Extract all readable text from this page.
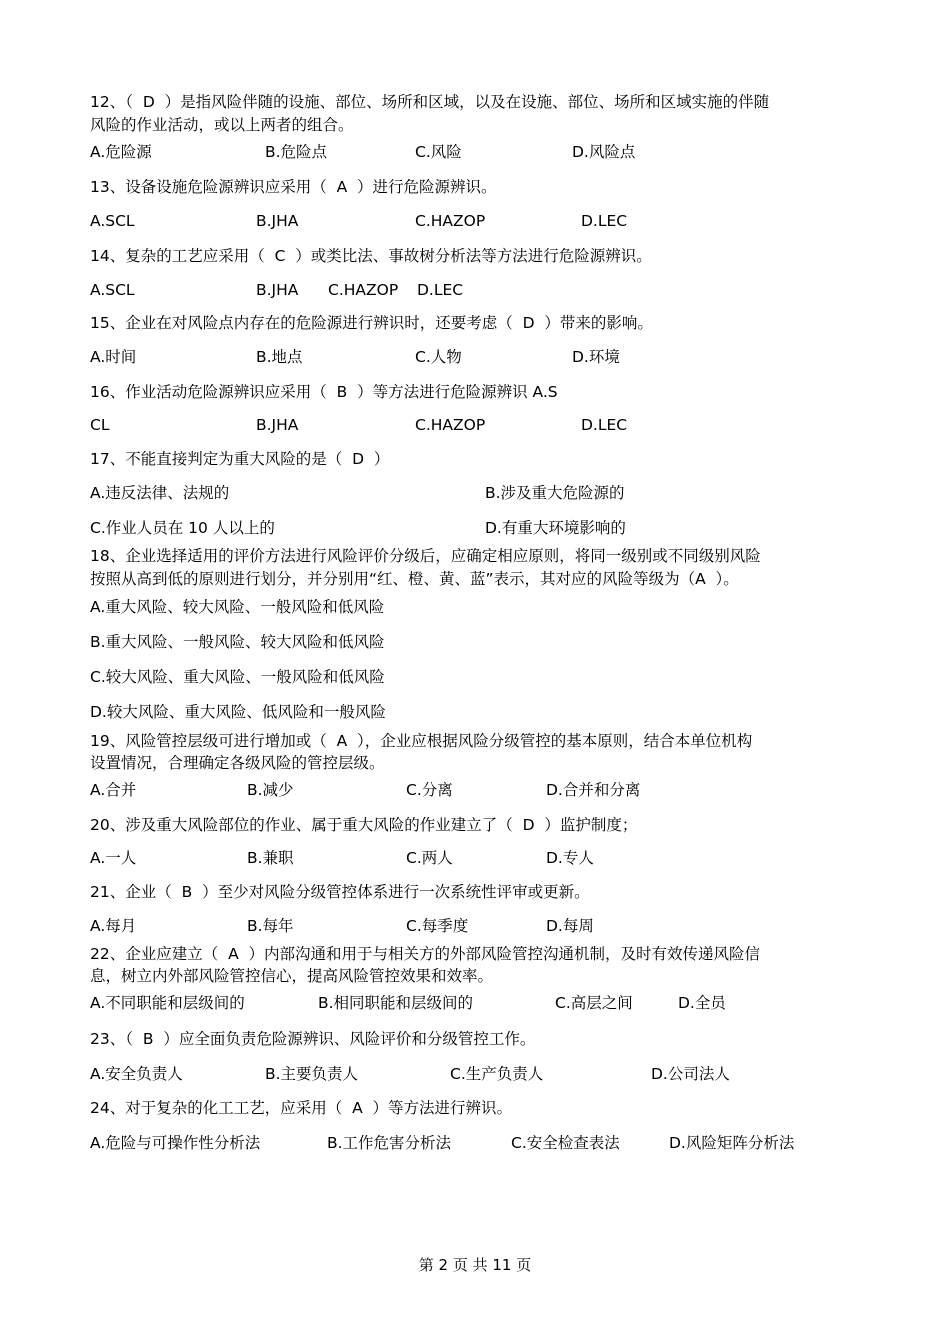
12、（  D  ）是指风险伴随的设施、部位、场所和区域，以及在设施、部位、场所和区域实施的伴随
风险的作业活动，或以上两者的组合。
A.危险源	B.危险点	C.风险	D.风险点
13、设备设施危险源辨识应采用（  A  ）进行危险源辨识。
A.SCL	B.JHA	C.HAZOP	D.LEC
14、复杂的工艺应采用（  C  ）或类比法、事故树分析法等方法进行危险源辨识。
A.SCL	B.JHA C.HAZOP D.LEC
15、企业在对风险点内存在的危险源进行辨识时，还要考虑（  D  ）带来的影响。
A.时间	B.地点	C.人物	D.环境
16、作业活动危险源辨识应采用（  B  ）等方法进行危险源辨识 A.S
CL	B.JHA	C.HAZOP	D.LEC
17、不能直接判定为重大风险的是（  D  ）
A.违反法律、法规的	B.涉及重大危险源的
C.作业人员在 10 人以上的	D.有重大环境影响的
18、企业选择适用的评价方法进行风险评价分级后，应确定相应原则，将同一级别或不同级别风险
按照从高到低的原则进行划分，并分别用“红、橙、黄、蓝”表示，其对应的风险等级为（A  ）。
A.重大风险、较大风险、一般风险和低风险
B.重大风险、一般风险、较大风险和低风险
C.较大风险、重大风险、一般风险和低风险
D.较大风险、重大风险、低风险和一般风险
19、风险管控层级可进行增加或（  A  ），企业应根据风险分级管控的基本原则，结合本单位机构
设置情况，合理确定各级风险的管控层级。
A.合并	B.减少	C.分离	D.合并和分离
20、涉及重大风险部位的作业、属于重大风险的作业建立了（  D  ）监护制度；
A.一人	B.兼职	C.两人	D.专人
21、企业（  B  ）至少对风险分级管控体系进行一次系统性评审或更新。
A.每月	B.每年	C.每季度	D.每周
22、企业应建立（  A  ）内部沟通和用于与相关方的外部风险管控沟通机制，及时有效传递风险信
息，树立内外部风险管控信心，提高风险管控效果和效率。
A.不同职能和层级间的	B.相同职能和层级间的	C.高层之间	D.全员
23、（  B  ）应全面负责危险源辨识、风险评价和分级管控工作。
A.安全负责人	B.主要负责人	C.生产负责人	D.公司法人
24、对于复杂的化工工艺，应采用（  A  ）等方法进行辨识。
A.危险与可操作性分析法	B.工作危害分析法	C.安全检查表法	D.风险矩阵分析法
第 2 页 共 11 页
